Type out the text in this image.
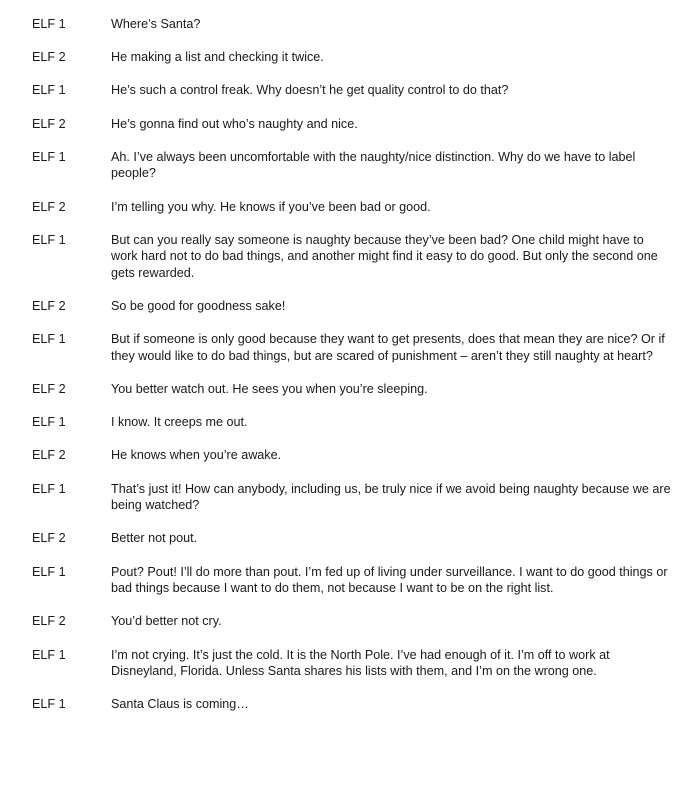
ELF 1	Where’s Santa?
ELF 2	He making a list and checking it twice.
ELF 1	He’s such a control freak. Why doesn’t he get quality control to do that?
ELF 2	He’s gonna find out who’s naughty and nice.
ELF 1	Ah. I’ve always been uncomfortable with the naughty/nice distinction. Why do we have to label people?
ELF 2	I’m telling you why. He knows if you’ve been bad or good.
ELF 1	But can you really say someone is naughty because they’ve been bad? One child might have to work hard not to do bad things, and another might find it easy to do good. But only the second one gets rewarded.
ELF 2	So be good for goodness sake!
ELF 1	But if someone is only good because they want to get presents, does that mean they are nice? Or if they would like to do bad things, but are scared of punishment – aren’t they still naughty at heart?
ELF 2	You better watch out. He sees you when you’re sleeping.
ELF 1	I know. It creeps me out.
ELF 2	He knows when you’re awake.
ELF 1	That’s just it! How can anybody, including us, be truly nice if we avoid being naughty because we are being watched?
ELF 2	Better not pout.
ELF 1	Pout? Pout! I’ll do more than pout. I’m fed up of living under surveillance. I want to do good things or bad things because I want to do them, not because I want to be on the right list.
ELF 2	You’d better not cry.
ELF 1	I’m not crying. It’s just the cold. It is the North Pole. I’ve had enough of it. I’m off to work at Disneyland, Florida. Unless Santa shares his lists with them, and I’m on the wrong one.
ELF 1	Santa Claus is coming…
